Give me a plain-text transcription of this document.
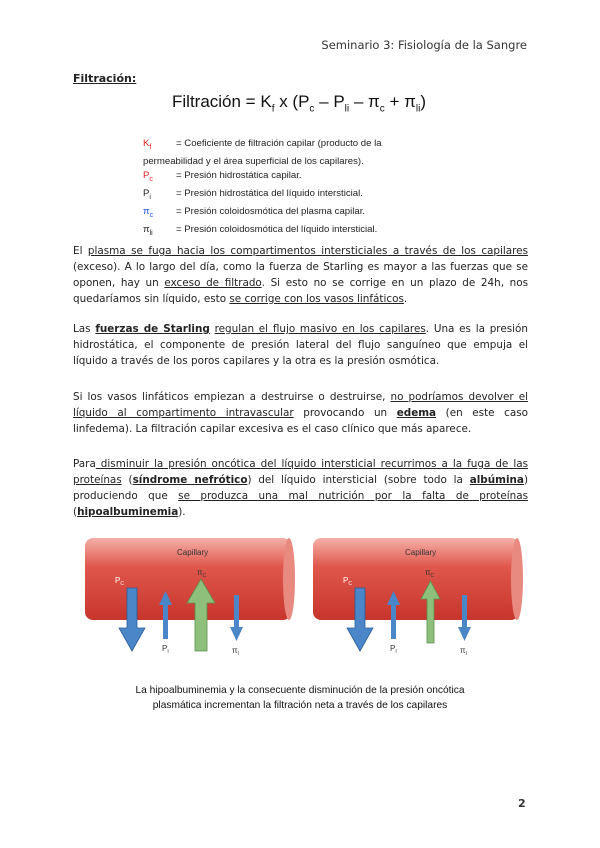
Seminario 3: Fisiología de la Sangre
Filtración:
Filtración = $K_f$ x $(P_c - P_{li} - \pi_c + \pi_{li})$
$K_f$	= Coeficiente de filtración capilar (producto de la
permeabilidad y el área superficial de los capilares).
$P_c$	= Presión hidrostática capilar.
$P_i$	= Presión hidrostática del líquido intersticial.
$\pi_c$	= Presión coloidosmótica del plasma capilar.
$\pi_{li}$	= Presión coloidosmótica del líquido intersticial.
El plasma se fuga hacia los compartimentos intersticiales a través de los capilares (exceso). A lo largo del día, como la fuerza de Starling es mayor a las fuerzas que se oponen, hay un exceso de filtrado. Si esto no se corrige en un plazo de 24h, nos quedaríamos sin líquido, esto se corrige con los vasos linfáticos.
Las fuerzas de Starling regulan el flujo masivo en los capilares. Una es la presión hidrostática, el componente de presión lateral del flujo sanguíneo que empuja el líquido a través de los poros capilares y la otra es la presión osmótica.
Si los vasos linfáticos empiezan a destruirse o destruirse, no podríamos devolver el líquido al compartimento intravascular provocando un edema (en este caso linfedema). La filtración capilar excesiva es el caso clínico que más aparece.
Para disminuir la presión oncótica del líquido intersticial recurrimos a la fuga de las proteínas (síndrome nefrótico) del líquido intersticial (sobre todo la albúmina) produciendo que se produzca una mal nutrición por la falta de proteínas (hipoalbuminemia).
Capillary
$P_C$
$\pi_C$
$P_I$	$\pi_I$
Capillary
$P_C$
$\pi_C$
$P_I$	$\pi_I$
La hipoalbuminemia y la consecuente disminución de la presión oncótica
plasmática incrementan la filtración neta a través de los capilares
2
